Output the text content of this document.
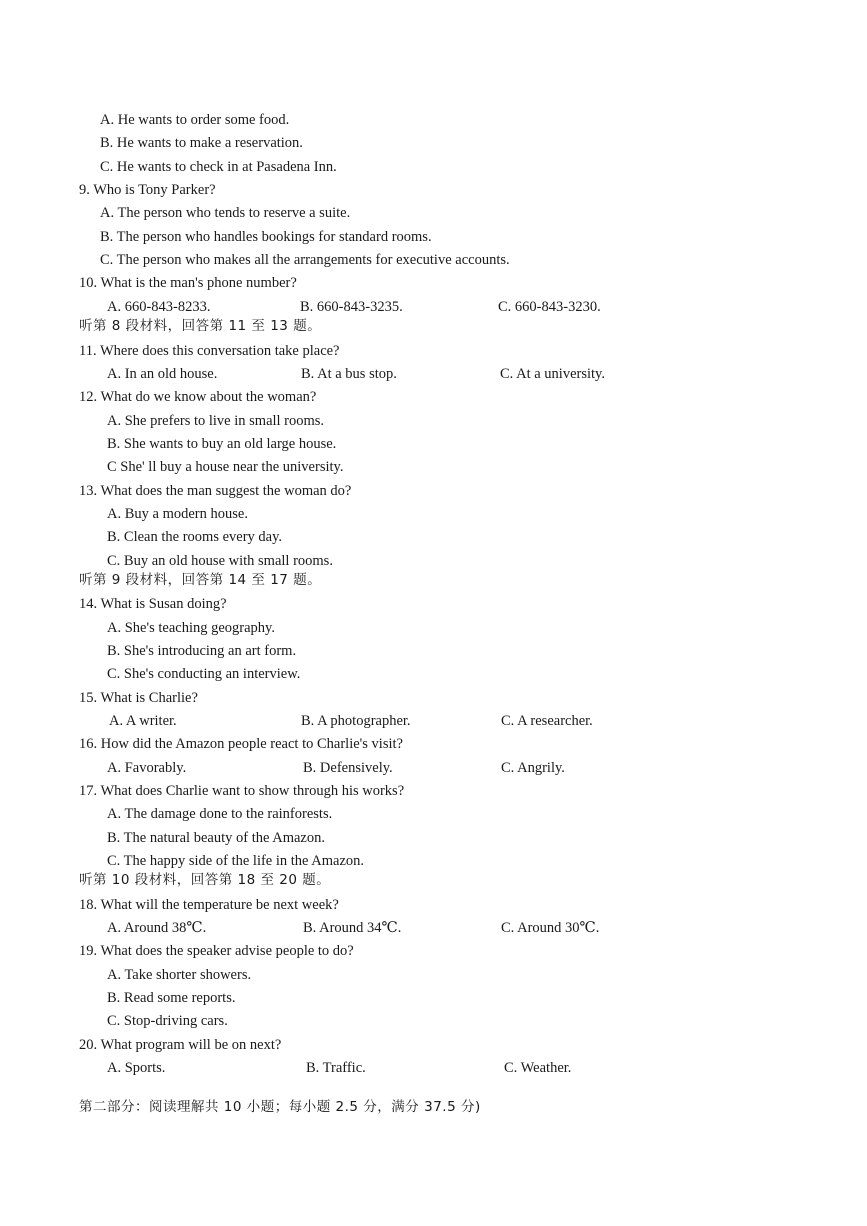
A. He wants to order some food.
B. He wants to make a reservation.
C. He wants to check in at Pasadena Inn.
9. Who is Tony Parker?
A. The person who tends to reserve a suite.
B. The person who handles bookings for standard rooms.
C. The person who makes all the arrangements for executive accounts.
10. What is the man's phone number?
A. 660-843-8233.	B. 660-843-3235.	C. 660-843-3230.
听第 8 段材料，回答第 11 至 13 题。
11. Where does this conversation take place?
A. In an old house.	B. At a bus stop.	C. At a university.
12. What do we know about the woman?
A. She prefers to live in small rooms.
B. She wants to buy an old large house.
C She' ll buy a house near the university.
13. What does the man suggest the woman do?
A. Buy a modern house.
B. Clean the rooms every day.
C. Buy an old house with small rooms.
听第 9 段材料，回答第 14 至 17 题。
14. What is Susan doing?
A. She's teaching geography.
B. She's introducing an art form.
C. She's conducting an interview.
15. What is Charlie?
A. A writer.	B. A photographer.	C. A researcher.
16. How did the Amazon people react to Charlie's visit?
A. Favorably.	B. Defensively.	C. Angrily.
17. What does Charlie want to show through his works?
A. The damage done to the rainforests.
B. The natural beauty of the Amazon.
C. The happy side of the life in the Amazon.
听第 10 段材料，回答第 18 至 20 题。
18. What will the temperature be next week?
A. Around 38℃.	B. Around 34℃.	C. Around 30℃.
19. What does the speaker advise people to do?
A. Take shorter showers.
B. Read some reports.
C. Stop-driving cars.
20. What program will be on next?
A. Sports.	B. Traffic.	C. Weather.
第二部分：阅读理解共 10 小题；每小题 2.5 分，满分 37.5 分)
